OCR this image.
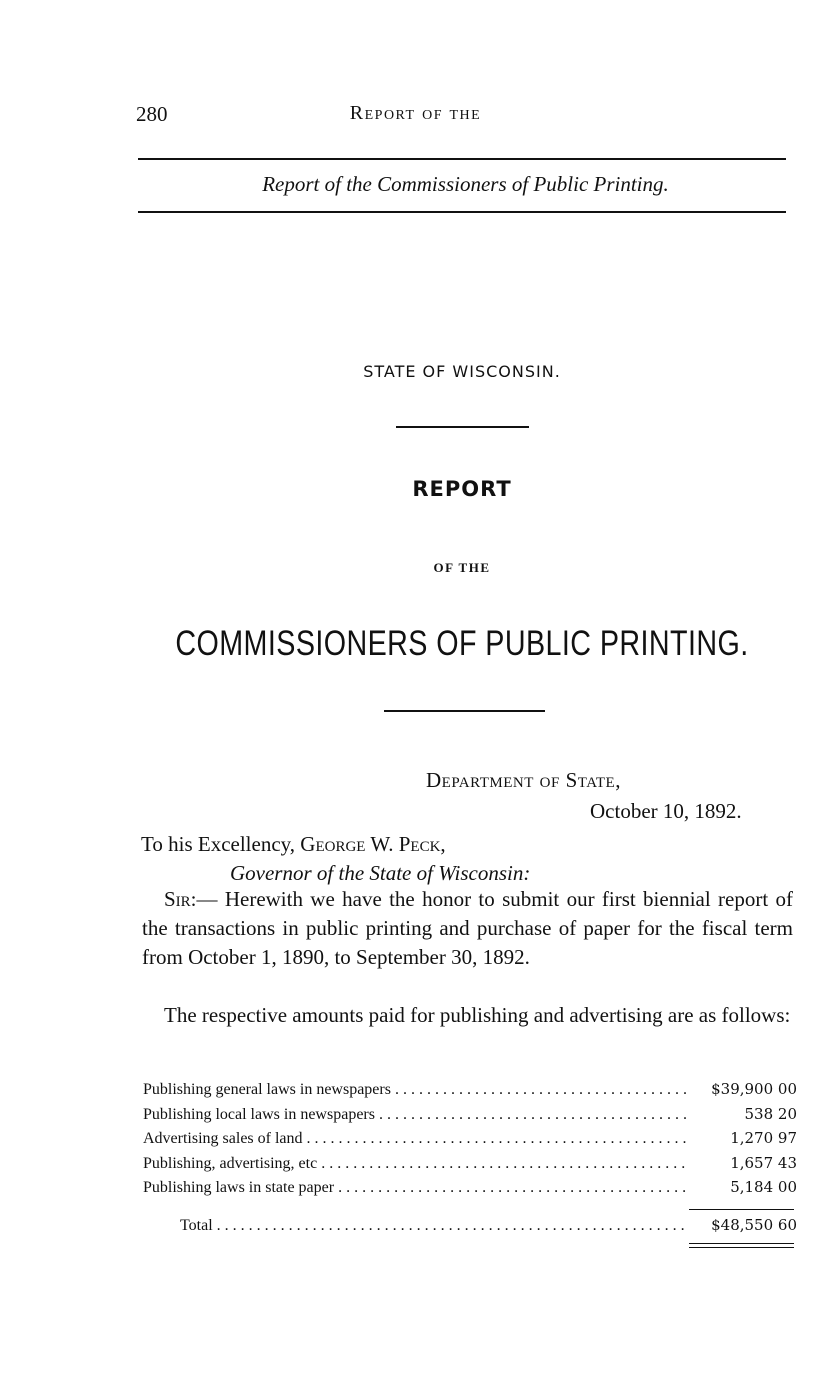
280	Report of the
Report of the Commissioners of Public Printing.
STATE OF WISCONSIN.
REPORT
OF THE
COMMISSIONERS OF PUBLIC PRINTING.
Department of State,
October 10, 1892.
To his Excellency, George W. Peck,
Governor of the State of Wisconsin:
Sir:— Herewith we have the honor to submit our first biennial report of the transactions in public printing and purchase of paper for the fiscal term from October 1, 1890, to September 30, 1892.
The respective amounts paid for publishing and advertising are as follows:
Publishing general laws in newspapers . . .	$39,900 00
Publishing local laws in newspapers . . .	538 20
Advertising sales of land . . .	1,270 97
Publishing, advertising, etc . . .	1,657 43
Publishing laws in state paper . . .	5,184 00
Total . . .	$48,550 60
